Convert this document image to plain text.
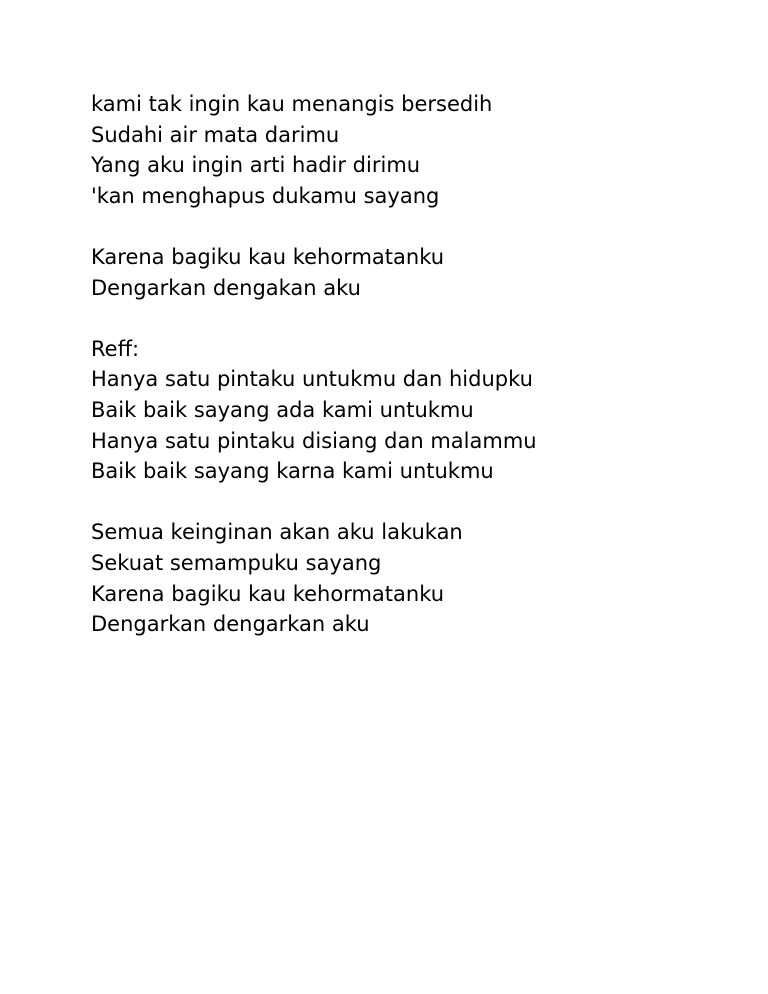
kami tak ingin kau menangis bersedih
Sudahi air mata darimu
Yang aku ingin arti hadir dirimu
'kan menghapus dukamu sayang
Karena bagiku kau kehormatanku
Dengarkan dengakan aku
Reff:
Hanya satu pintaku untukmu dan hidupku
Baik baik sayang ada kami untukmu
Hanya satu pintaku disiang dan malammu
Baik baik sayang karna kami untukmu
Semua keinginan akan aku lakukan
Sekuat semampuku sayang
Karena bagiku kau kehormatanku
Dengarkan dengarkan aku
